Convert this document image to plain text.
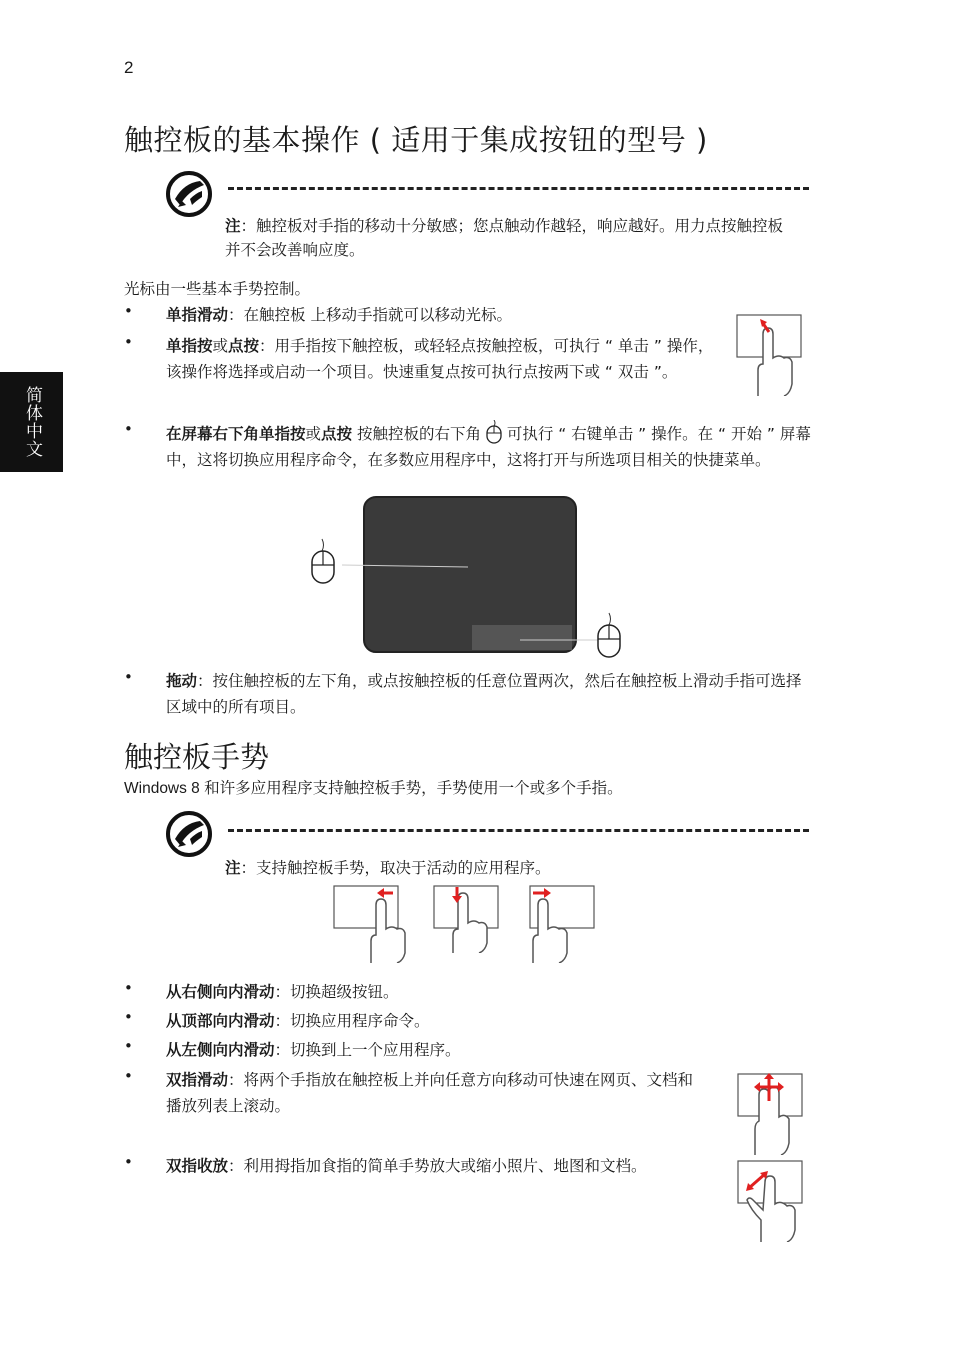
2
简体中文
触控板的基本操作 ( 适用于集成按钮的型号 )
注：触控板对手指的移动十分敏感；您点触动作越轻，响应越好。用力点按触控板并不会改善响应度。
光标由一些基本手势控制。
• 单指滑动：在触控板 上移动手指就可以移动光标。
• 单指按或点按：用手指按下触控板，或轻轻点按触控板，可执行 “ 单击 ” 操作，该操作将选择或启动一个项目。快速重复点按可执行点按两下或 “ 双击 ”。
• 在屏幕右下角单指按或点按 按触控板的右下角
可执行 “ 右键单击 ” 操作。在 “ 开始 ” 屏幕中，这将切换应用程序命令，在多数应用程序中，这将打开与所选项目相关的快捷菜单。
• 拖动：按住触控板的左下角，或点按触控板的任意位置两次，然后在触控板上滑动手指可选择区域中的所有项目。
触控板手势
Windows 8 和许多应用程序支持触控板手势，手势使用一个或多个手指。
注：支持触控板手势，取决于活动的应用程序。
• 从右侧向内滑动：切换超级按钮。
• 从顶部向内滑动：切换应用程序命令。
• 从左侧向内滑动：切换到上一个应用程序。
• 双指滑动：将两个手指放在触控板上并向任意方向移动可快速在网页、文档和播放列表上滚动。
• 双指收放：利用拇指加食指的简单手势放大或缩小照片、地图和文档。
